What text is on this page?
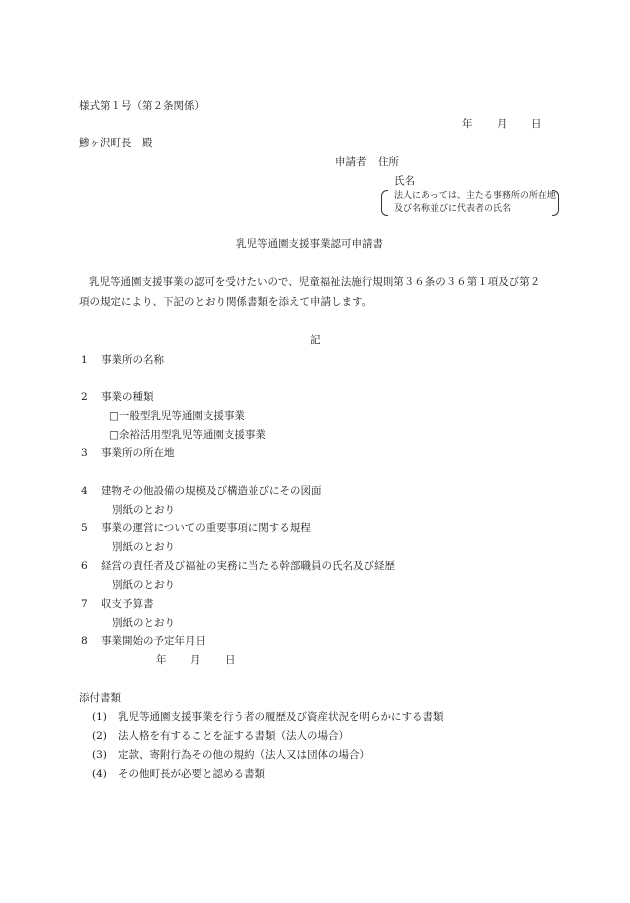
様式第１号（第２条関係）
年 月 日
鯵ヶ沢町長　殿
申請者 住所
氏名
法人にあっては、主たる事務所の所在地
及び名称並びに代表者の氏名
乳児等通園支援事業認可申請書
乳児等通園支援事業の認可を受けたいので、児童福祉法施行規則第３６条の３６第１項及び第２項の規定により、下記のとおり関係書類を添えて申請します。
記
1 事業所の名称
2 事業の種類
□一般型乳児等通園支援事業
□余裕活用型乳児等通園支援事業
3 事業所の所在地
4 建物その他設備の規模及び構造並びにその図面
別紙のとおり
5 事業の運営についての重要事項に関する規程
別紙のとおり
6 経営の責任者及び福祉の実務に当たる幹部職員の氏名及び経歴
別紙のとおり
7 収支予算書
別紙のとおり
8 事業開始の予定年月日
年 月 日
添付書類
(1) 乳児等通園支援事業を行う者の履歴及び資産状況を明らかにする書類
(2) 法人格を有することを証する書類（法人の場合）
(3) 定款、寄附行為その他の規約（法人又は団体の場合）
(4) その他町長が必要と認める書類
